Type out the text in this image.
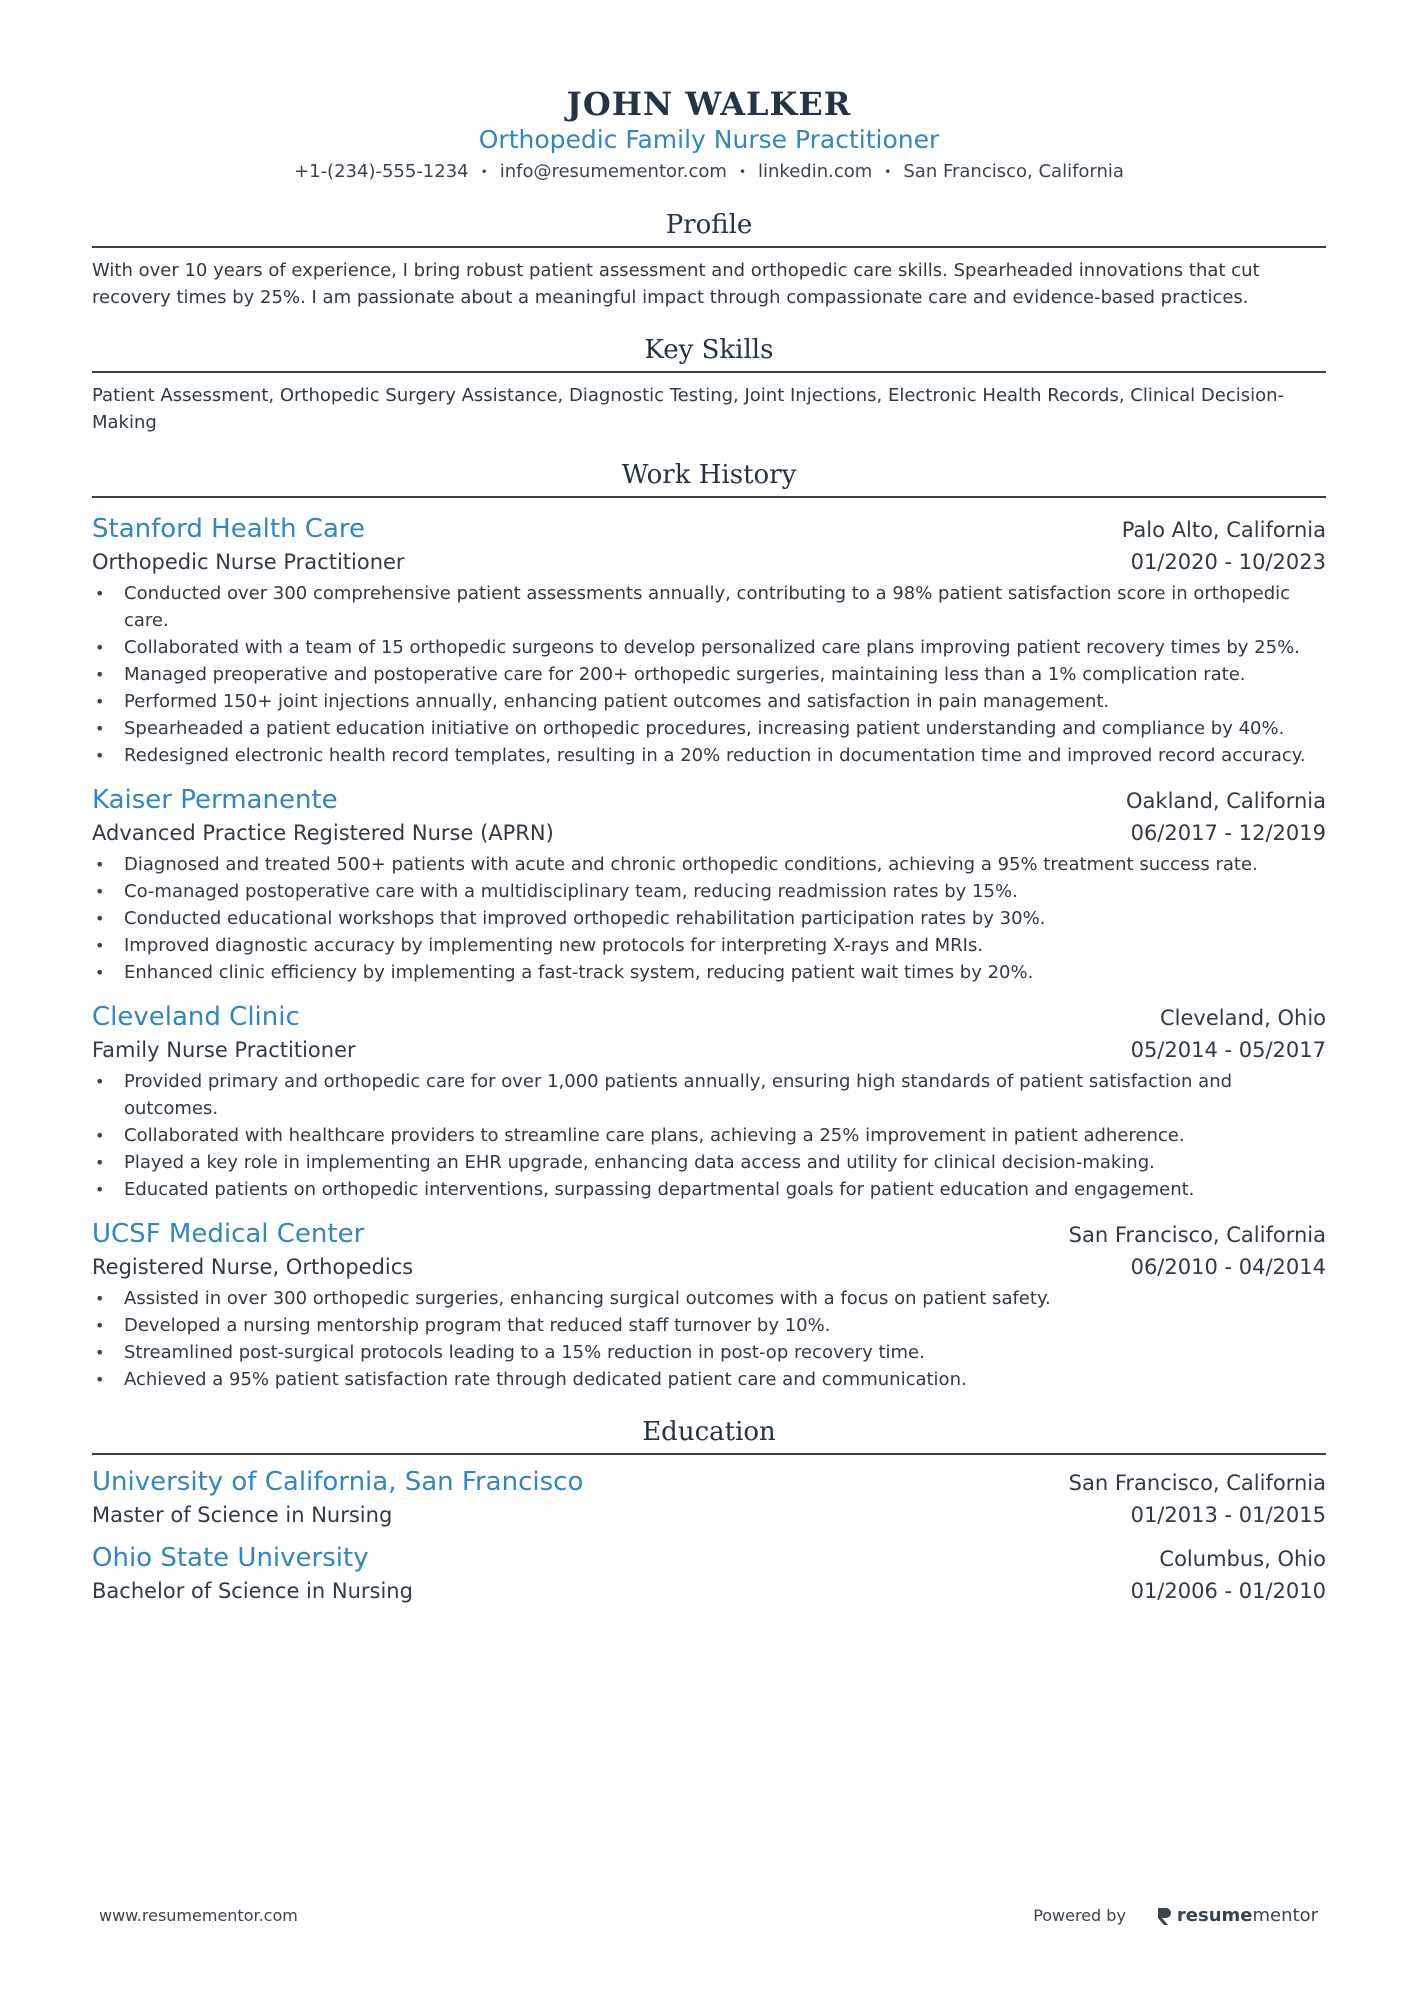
JOHN WALKER
Orthopedic Family Nurse Practitioner
+1-(234)-555-1234 • info@resumementor.com • linkedin.com • San Francisco, California
Profile
With over 10 years of experience, I bring robust patient assessment and orthopedic care skills. Spearheaded innovations that cut recovery times by 25%. I am passionate about a meaningful impact through compassionate care and evidence-based practices.
Key Skills
Patient Assessment, Orthopedic Surgery Assistance, Diagnostic Testing, Joint Injections, Electronic Health Records, Clinical Decision-Making
Work History
Stanford Health Care	Palo Alto, California
Orthopedic Nurse Practitioner	01/2020 - 10/2023
• Conducted over 300 comprehensive patient assessments annually, contributing to a 98% patient satisfaction score in orthopedic care.
• Collaborated with a team of 15 orthopedic surgeons to develop personalized care plans improving patient recovery times by 25%.
• Managed preoperative and postoperative care for 200+ orthopedic surgeries, maintaining less than a 1% complication rate.
• Performed 150+ joint injections annually, enhancing patient outcomes and satisfaction in pain management.
• Spearheaded a patient education initiative on orthopedic procedures, increasing patient understanding and compliance by 40%.
• Redesigned electronic health record templates, resulting in a 20% reduction in documentation time and improved record accuracy.
Kaiser Permanente	Oakland, California
Advanced Practice Registered Nurse (APRN)	06/2017 - 12/2019
• Diagnosed and treated 500+ patients with acute and chronic orthopedic conditions, achieving a 95% treatment success rate.
• Co-managed postoperative care with a multidisciplinary team, reducing readmission rates by 15%.
• Conducted educational workshops that improved orthopedic rehabilitation participation rates by 30%.
• Improved diagnostic accuracy by implementing new protocols for interpreting X-rays and MRIs.
• Enhanced clinic efficiency by implementing a fast-track system, reducing patient wait times by 20%.
Cleveland Clinic	Cleveland, Ohio
Family Nurse Practitioner	05/2014 - 05/2017
• Provided primary and orthopedic care for over 1,000 patients annually, ensuring high standards of patient satisfaction and outcomes.
• Collaborated with healthcare providers to streamline care plans, achieving a 25% improvement in patient adherence.
• Played a key role in implementing an EHR upgrade, enhancing data access and utility for clinical decision-making.
• Educated patients on orthopedic interventions, surpassing departmental goals for patient education and engagement.
UCSF Medical Center	San Francisco, California
Registered Nurse, Orthopedics	06/2010 - 04/2014
• Assisted in over 300 orthopedic surgeries, enhancing surgical outcomes with a focus on patient safety.
• Developed a nursing mentorship program that reduced staff turnover by 10%.
• Streamlined post-surgical protocols leading to a 15% reduction in post-op recovery time.
• Achieved a 95% patient satisfaction rate through dedicated patient care and communication.
Education
University of California, San Francisco	San Francisco, California
Master of Science in Nursing	01/2013 - 01/2015
Ohio State University	Columbus, Ohio
Bachelor of Science in Nursing	01/2006 - 01/2010
www.resumementor.com	Powered by	resume mentor
